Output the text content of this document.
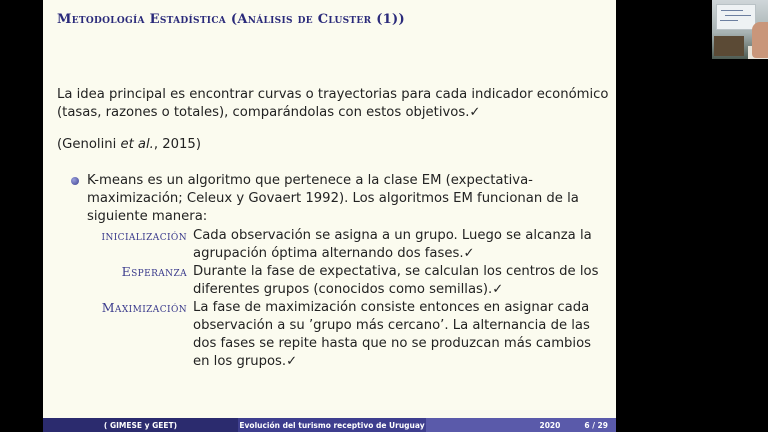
Metodología Estadística (Análisis de Cluster (1))

La idea principal es encontrar curvas o trayectorias para cada indicador económico (tasas, razones o totales), comparándolas con estos objetivos.✓

(Genolini et al., 2015)

K-means es un algoritmo que pertenece a la clase EM (expectativa-maximización; Celeux y Govaert 1992). Los algoritmos EM funcionan de la siguiente manera:
inicialización Cada observación se asigna a un grupo. Luego se alcanza la agrupación óptima alternando dos fases.✓
Esperanza Durante la fase de expectativa, se calculan los centros de los diferentes grupos (conocidos como semillas).✓
Maximización La fase de maximización consiste entonces en asignar cada observación a su ’grupo más cercano’. La alternancia de las dos fases se repite hasta que no se produzcan más cambios en los grupos.✓
( GIMESE y GEET)	Evolución del turismo receptivo de Uruguay	2020	6 / 29
